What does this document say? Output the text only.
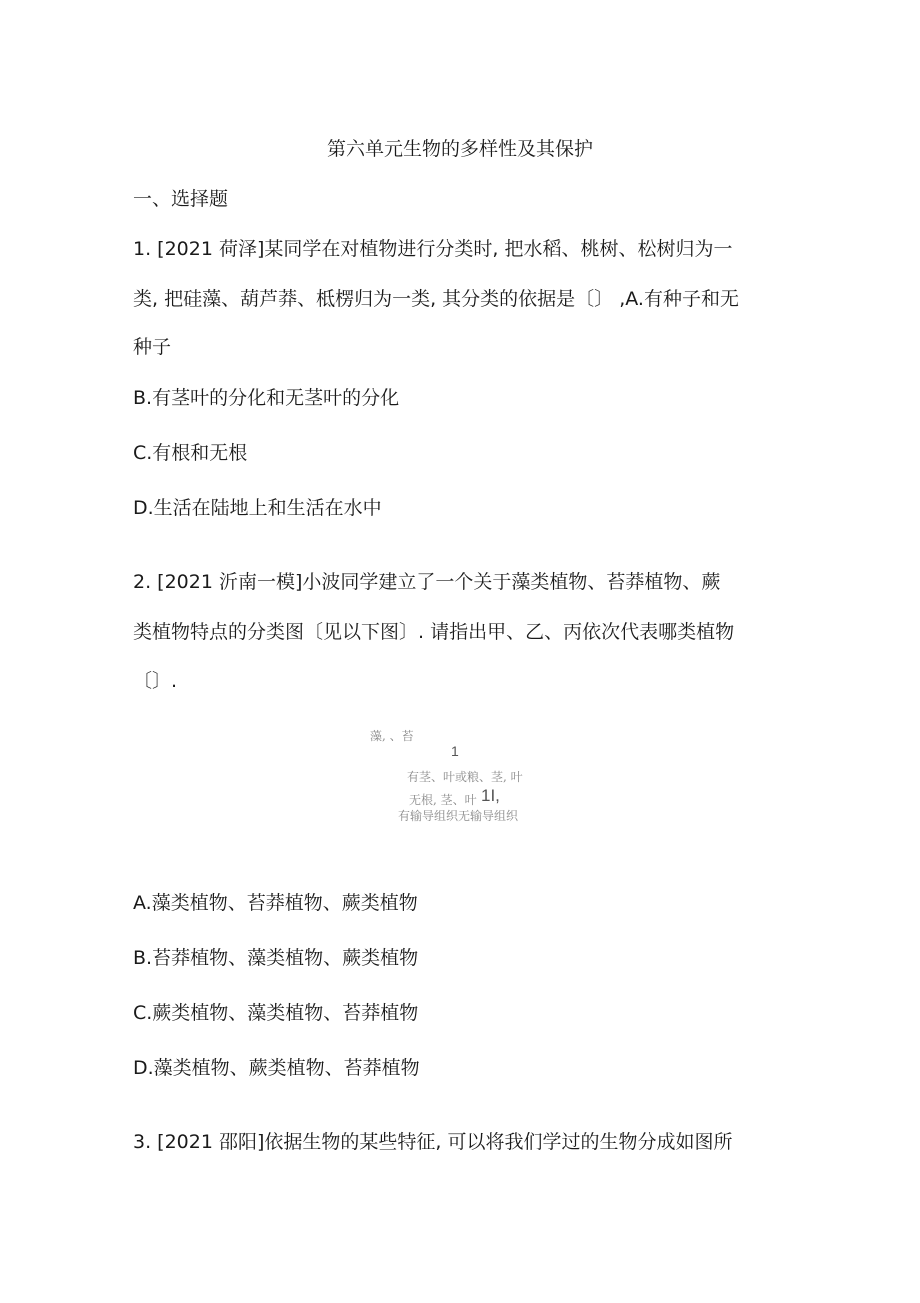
第六单元生物的多样性及其保护
一、选择题
1. [2021 荷泽]某同学在对植物进行分类时, 把水稻、桃树、松树归为一
类, 把硅藻、葫芦莽、柢楞归为一类, 其分类的依据是〔〕 ,A.有种子和无
种子
B.有茎叶的分化和无茎叶的分化
C.有根和无根
D.生活在陆地上和生活在水中
2. [2021 沂南一模]小波同学建立了一个关于藻类植物、苔莽植物、蕨
类植物特点的分类图〔见以下图〕. 请指出甲、乙、丙依次代表哪类植物
〔〕.
藻, 、苔
1
有茎、叶或粮、茎, 叶
无根, 茎、叶 1I,
有输导组织无输导组织
A.藻类植物、苔莽植物、蕨类植物
B.苔莽植物、藻类植物、蕨类植物
C.蕨类植物、藻类植物、苔莽植物
D.藻类植物、蕨类植物、苔莽植物
3. [2021 邵阳]依据生物的某些特征, 可以将我们学过的生物分成如图所
